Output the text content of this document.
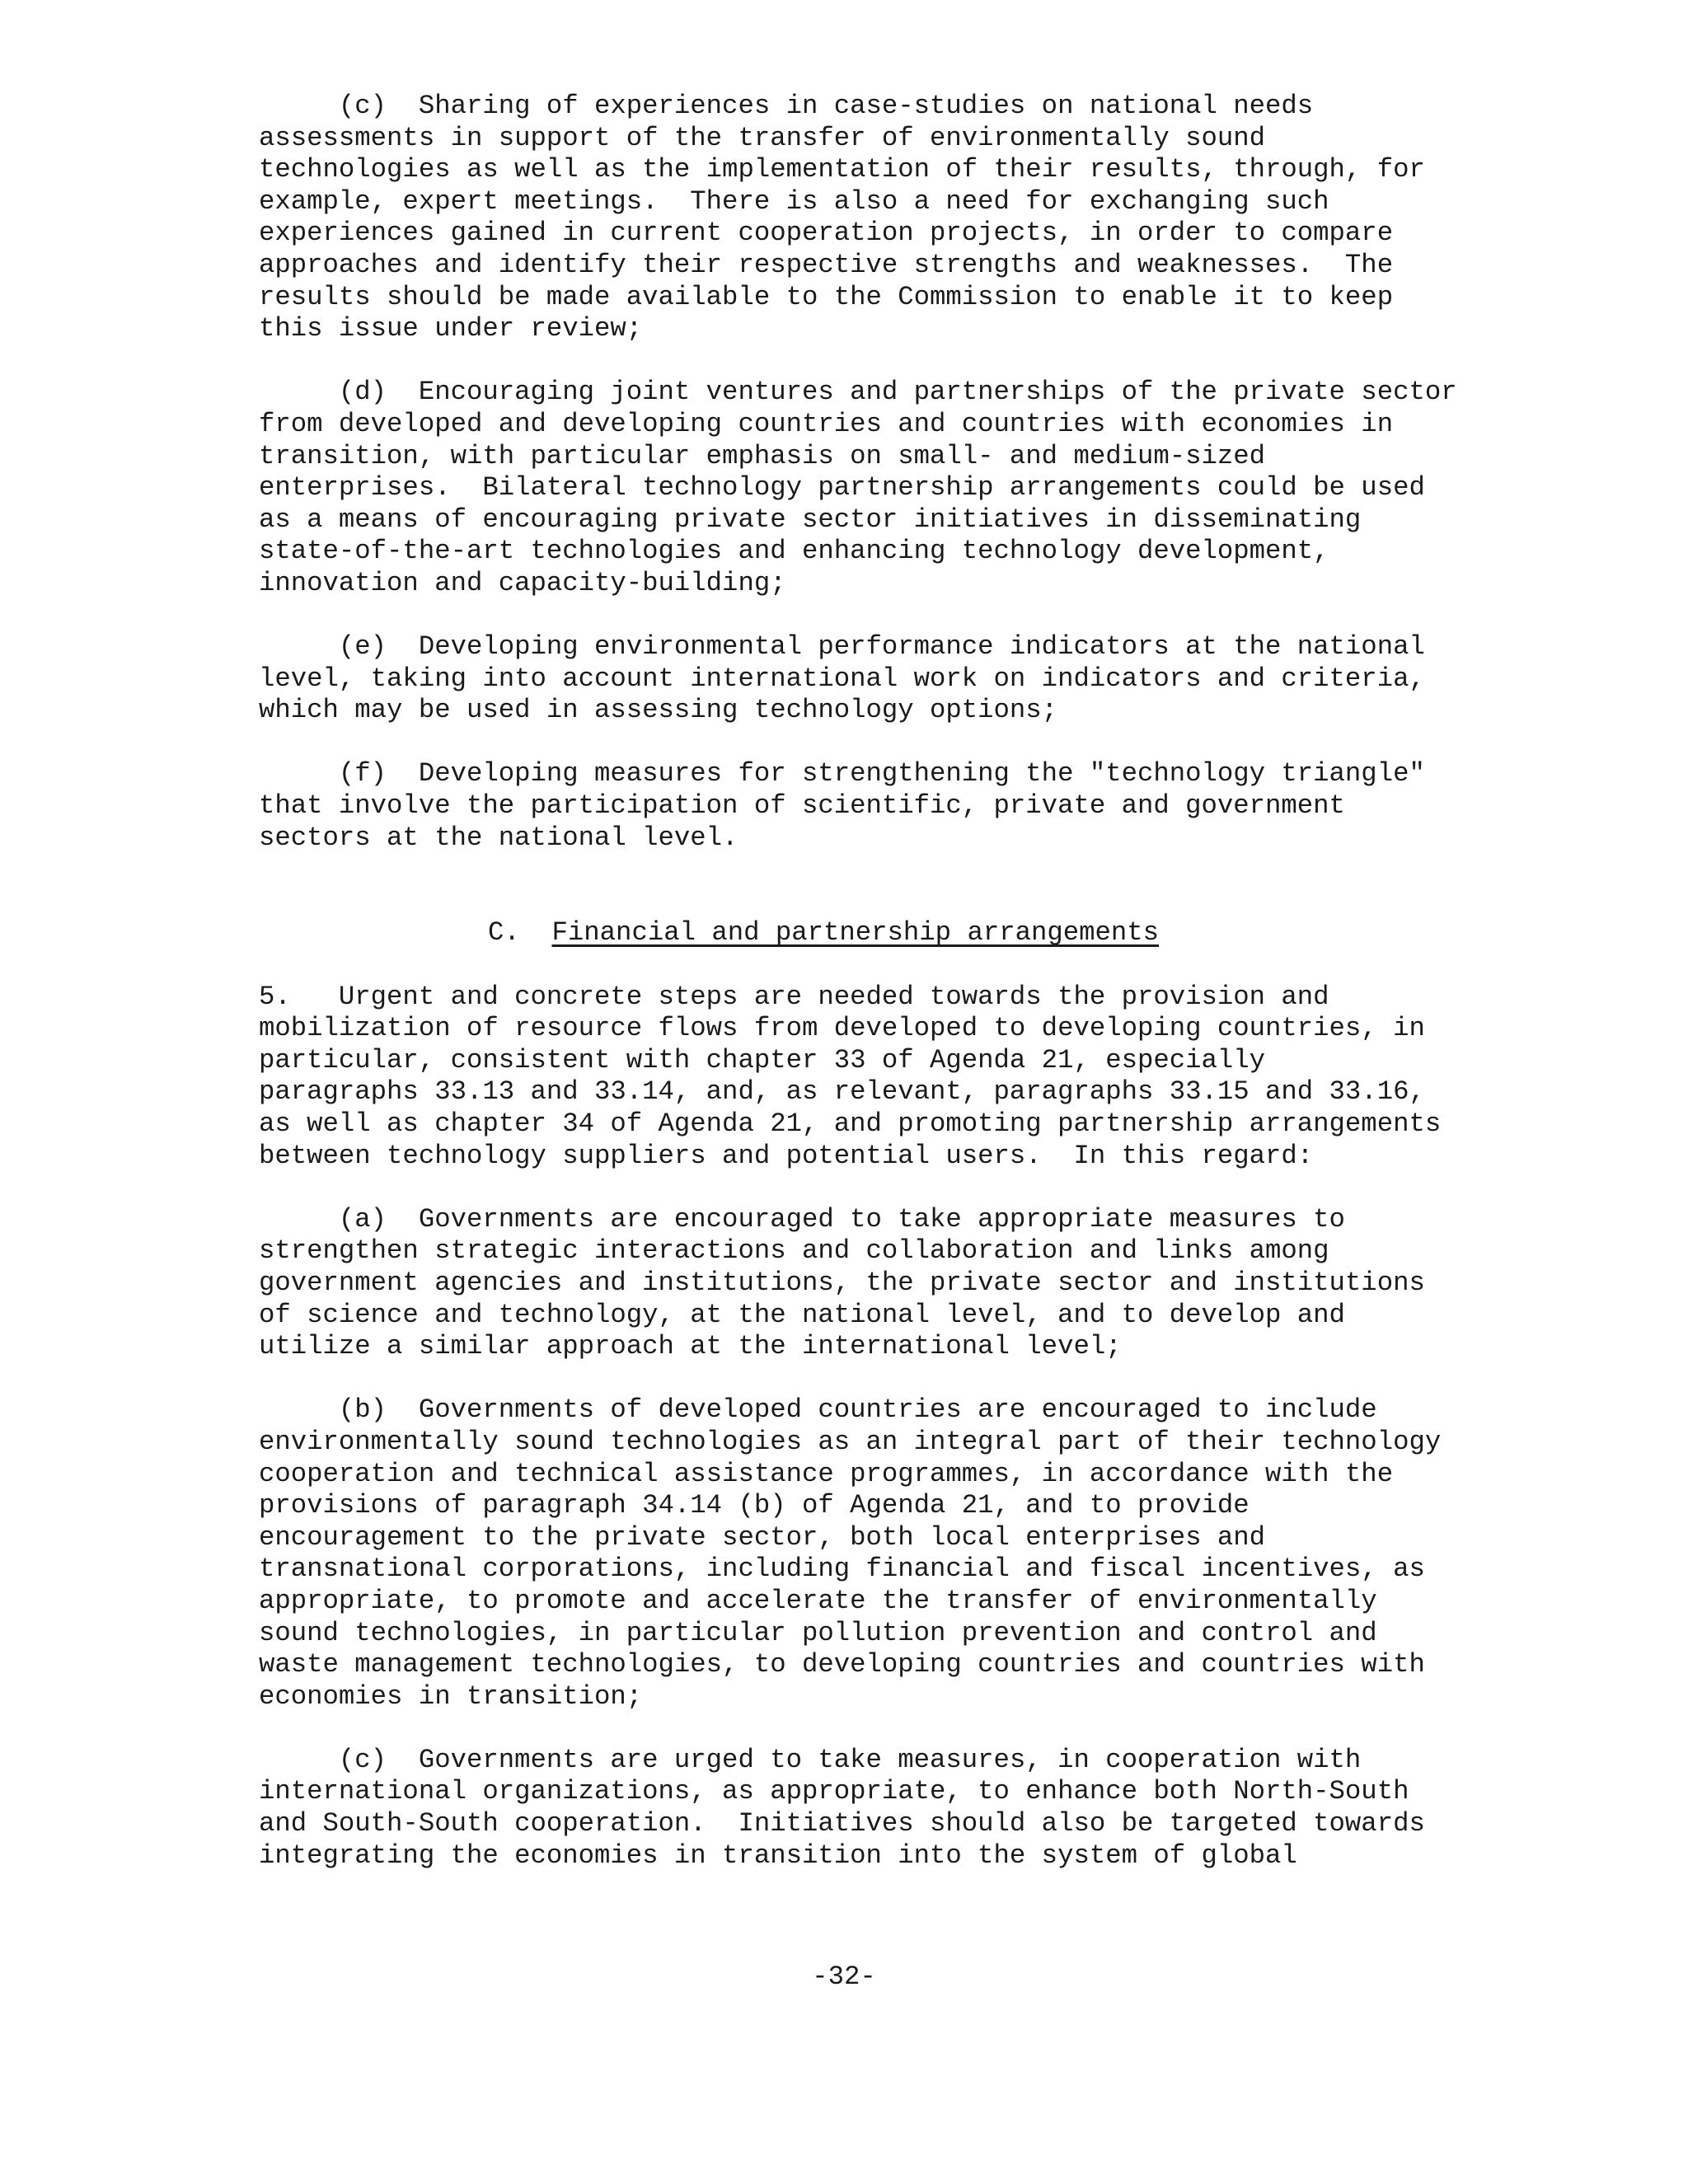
(c)  Sharing of experiences in case-studies on national needs
assessments in support of the transfer of environmentally sound
technologies as well as the implementation of their results, through, for
example, expert meetings.  There is also a need for exchanging such
experiences gained in current cooperation projects, in order to compare
approaches and identify their respective strengths and weaknesses.  The
results should be made available to the Commission to enable it to keep
this issue under review;
(d)  Encouraging joint ventures and partnerships of the private sector
from developed and developing countries and countries with economies in
transition, with particular emphasis on small- and medium-sized
enterprises.  Bilateral technology partnership arrangements could be used
as a means of encouraging private sector initiatives in disseminating
state-of-the-art technologies and enhancing technology development,
innovation and capacity-building;
(e)  Developing environmental performance indicators at the national
level, taking into account international work on indicators and criteria,
which may be used in assessing technology options;
(f)  Developing measures for strengthening the "technology triangle"
that involve the participation of scientific, private and government
sectors at the national level.
C.  Financial and partnership arrangements
5.   Urgent and concrete steps are needed towards the provision and
mobilization of resource flows from developed to developing countries, in
particular, consistent with chapter 33 of Agenda 21, especially
paragraphs 33.13 and 33.14, and, as relevant, paragraphs 33.15 and 33.16,
as well as chapter 34 of Agenda 21, and promoting partnership arrangements
between technology suppliers and potential users.  In this regard:
(a)  Governments are encouraged to take appropriate measures to
strengthen strategic interactions and collaboration and links among
government agencies and institutions, the private sector and institutions
of science and technology, at the national level, and to develop and
utilize a similar approach at the international level;
(b)  Governments of developed countries are encouraged to include
environmentally sound technologies as an integral part of their technology
cooperation and technical assistance programmes, in accordance with the
provisions of paragraph 34.14 (b) of Agenda 21, and to provide
encouragement to the private sector, both local enterprises and
transnational corporations, including financial and fiscal incentives, as
appropriate, to promote and accelerate the transfer of environmentally
sound technologies, in particular pollution prevention and control and
waste management technologies, to developing countries and countries with
economies in transition;
(c)  Governments are urged to take measures, in cooperation with
international organizations, as appropriate, to enhance both North-South
and South-South cooperation.  Initiatives should also be targeted towards
integrating the economies in transition into the system of global
-32-
